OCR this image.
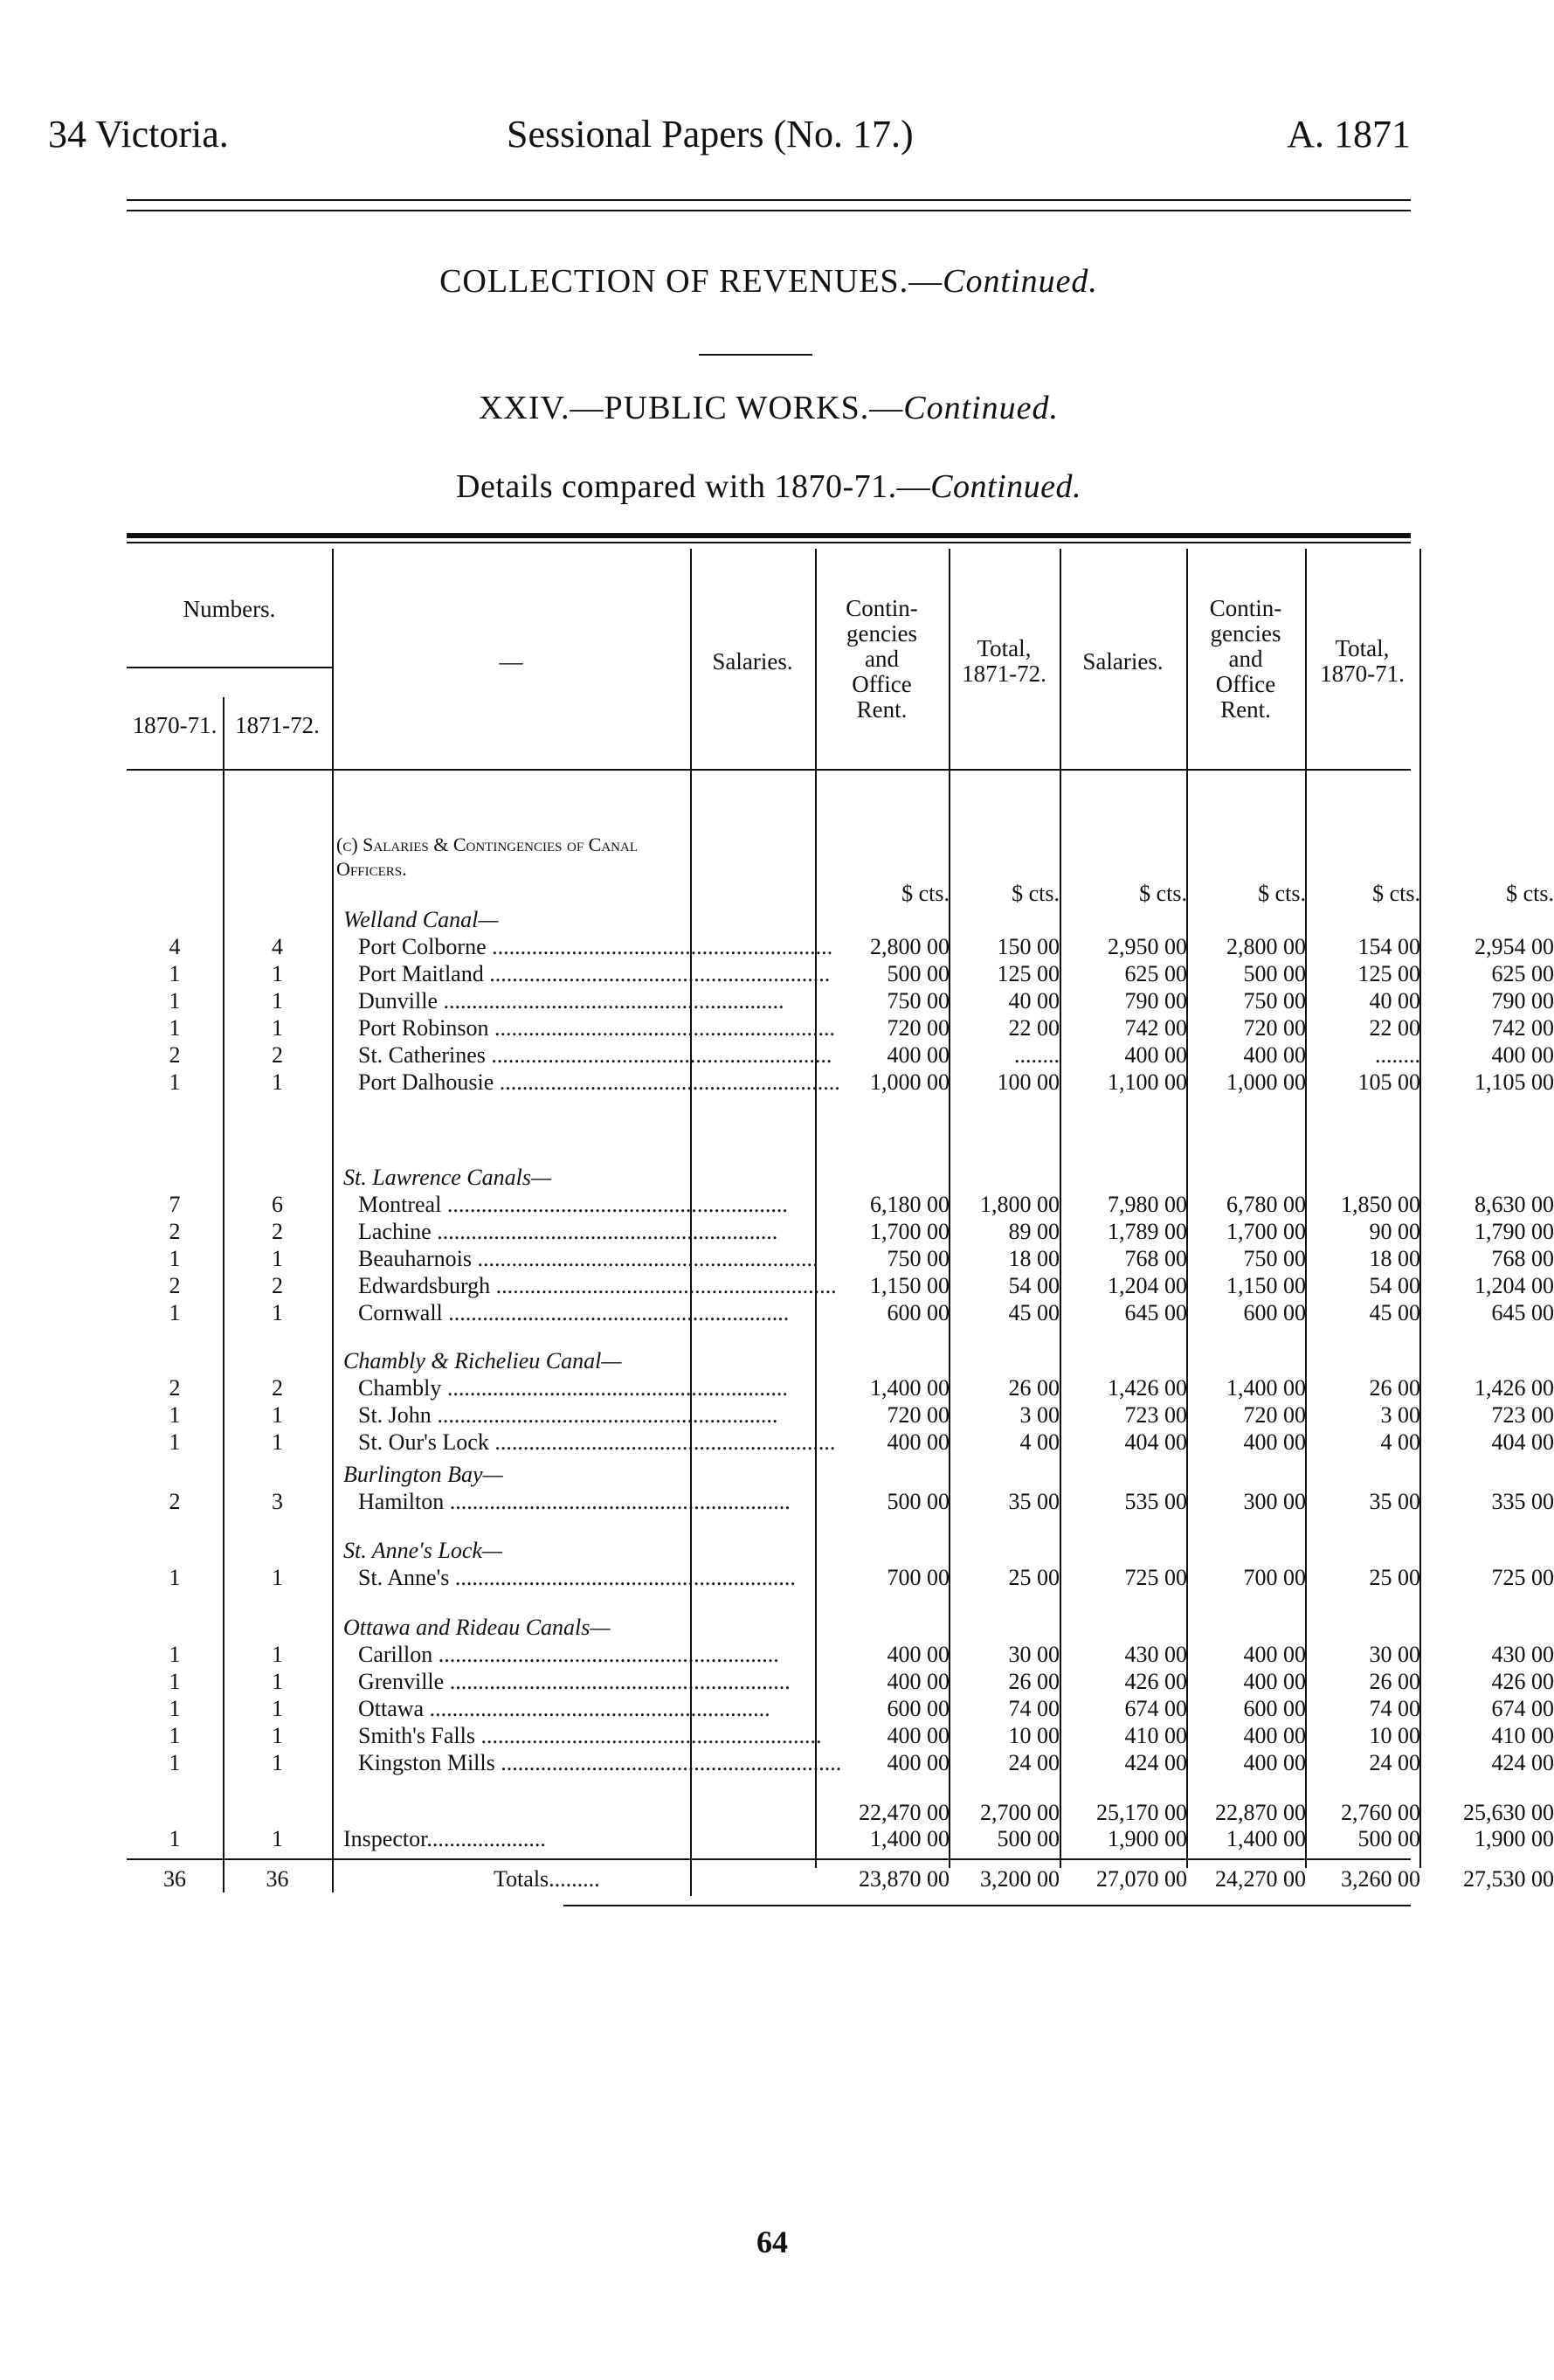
34 Victoria.	Sessional Papers (No. 17.)	A. 1871
COLLECTION OF REVENUES.—Continued.
XXIV.—PUBLIC WORKS.—Continued.
Details compared with 1870-71.—Continued.
Numbers.
1870-71. 1871-72.
—	Salaries.
Contin-
gencies
and
Office
Rent.
Total,
1871-72.	Salaries.
Contin-
gencies
and
Office
Rent.
Total,
1870-71.
(c) Salaries & Contingencies of Canal Officers.
$ cts.	$ cts.	$ cts.	$ cts.	$ cts.	$ cts.
Welland Canal—
4	4	Port Colborne ............................................................	2,800 00	150 00	2,950 00	2,800 00	154 00	2,954 00
1	1	Port Maitland ............................................................	500 00	125 00	625 00	500 00	125 00	625 00
1	1	Dunville ............................................................	750 00	40 00	790 00	750 00	40 00	790 00
1	1	Port Robinson ............................................................	720 00	22 00	742 00	720 00	22 00	742 00
2	2	St. Catherines ............................................................	400 00	........	400 00	400 00	........	400 00
1	1	Port Dalhousie ............................................................	1,000 00	100 00	1,100 00	1,000 00	105 00	1,105 00
St. Lawrence Canals—
7	6	Montreal ............................................................	6,180 00	1,800 00	7,980 00	6,780 00	1,850 00	8,630 00
2	2	Lachine ............................................................	1,700 00	89 00	1,789 00	1,700 00	90 00	1,790 00
1	1	Beauharnois ............................................................	750 00	18 00	768 00	750 00	18 00	768 00
2	2	Edwardsburgh ............................................................	1,150 00	54 00	1,204 00	1,150 00	54 00	1,204 00
1	1	Cornwall ............................................................	600 00	45 00	645 00	600 00	45 00	645 00
Chambly & Richelieu Canal—
2	2	Chambly ............................................................	1,400 00	26 00	1,426 00	1,400 00	26 00	1,426 00
1	1	St. John ............................................................	720 00	3 00	723 00	720 00	3 00	723 00
1	1	St. Our's Lock ............................................................	400 00	4 00	404 00	400 00	4 00	404 00
Burlington Bay—
2	3	Hamilton ............................................................	500 00	35 00	535 00	300 00	35 00	335 00
St. Anne's Lock—
1	1	St. Anne's ............................................................	700 00	25 00	725 00	700 00	25 00	725 00
Ottawa and Rideau Canals—
1	1	Carillon ............................................................	400 00	30 00	430 00	400 00	30 00	430 00
1	1	Grenville ............................................................	400 00	26 00	426 00	400 00	26 00	426 00
1	1	Ottawa ............................................................	600 00	74 00	674 00	600 00	74 00	674 00
1	1	Smith's Falls ............................................................	400 00	10 00	410 00	400 00	10 00	410 00
1	1	Kingston Mills ............................................................	400 00	24 00	424 00	400 00	24 00	424 00
22,470 00	2,700 00	25,170 00	22,870 00	2,760 00	25,630 00
1	1	Inspector.....................	1,400 00	500 00	1,900 00	1,400 00	500 00	1,900 00
36	36	Totals.........	23,870 00	3,200 00	27,070 00	24,270 00	3,260 00	27,530 00
64
